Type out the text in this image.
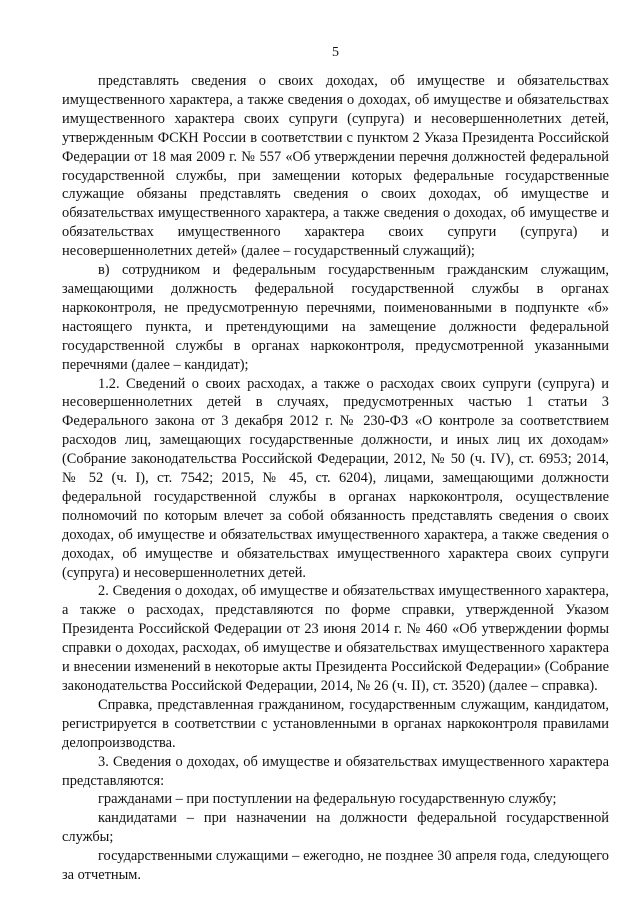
5

представлять сведения о своих доходах, об имуществе и обязательствах имущественного характера, а также сведения о доходах, об имуществе и обязательствах имущественного характера своих супруги (супруга) и несовершеннолетних детей, утвержденным ФСКН России в соответствии с пунктом 2 Указа Президента Российской Федерации от 18 мая 2009 г. № 557 «Об утверждении перечня должностей федеральной государственной службы, при замещении которых федеральные государственные служащие обязаны представлять сведения о своих доходах, об имуществе и обязательствах имущественного характера, а также сведения о доходах, об имуществе и обязательствах имущественного характера своих супруги (супруга) и несовершеннолетних детей» (далее – государственный служащий);

в) сотрудником и федеральным государственным гражданским служащим, замещающими должность федеральной государственной службы в органах наркоконтроля, не предусмотренную перечнями, поименованными в подпункте «б» настоящего пункта, и претендующими на замещение должности федеральной государственной службы в органах наркоконтроля, предусмотренной указанными перечнями (далее – кандидат);

1.2. Сведений о своих расходах, а также о расходах своих супруги (супруга) и несовершеннолетних детей в случаях, предусмотренных частью 1 статьи 3 Федерального закона от 3 декабря 2012 г. № 230-ФЗ «О контроле за соответствием расходов лиц, замещающих государственные должности, и иных лиц их доходам» (Собрание законодательства Российской Федерации, 2012, № 50 (ч. IV), ст. 6953; 2014, № 52 (ч. I), ст. 7542; 2015, № 45, ст. 6204), лицами, замещающими должности федеральной государственной службы в органах наркоконтроля, осуществление полномочий по которым влечет за собой обязанность представлять сведения о своих доходах, об имуществе и обязательствах имущественного характера, а также сведения о доходах, об имуществе и обязательствах имущественного характера своих супруги (супруга) и несовершеннолетних детей.

2. Сведения о доходах, об имуществе и обязательствах имущественного характера, а также о расходах, представляются по форме справки, утвержденной Указом Президента Российской Федерации от 23 июня 2014 г. № 460 «Об утверждении формы справки о доходах, расходах, об имуществе и обязательствах имущественного характера и внесении изменений в некоторые акты Президента Российской Федерации» (Собрание законодательства Российской Федерации, 2014, № 26 (ч. II), ст. 3520) (далее – справка).

Справка, представленная гражданином, государственным служащим, кандидатом, регистрируется в соответствии с установленными в органах наркоконтроля правилами делопроизводства.

3. Сведения о доходах, об имуществе и обязательствах имущественного характера представляются:

гражданами – при поступлении на федеральную государственную службу;

кандидатами – при назначении на должности федеральной государственной службы;

государственными служащими – ежегодно, не позднее 30 апреля года, следующего за отчетным.
